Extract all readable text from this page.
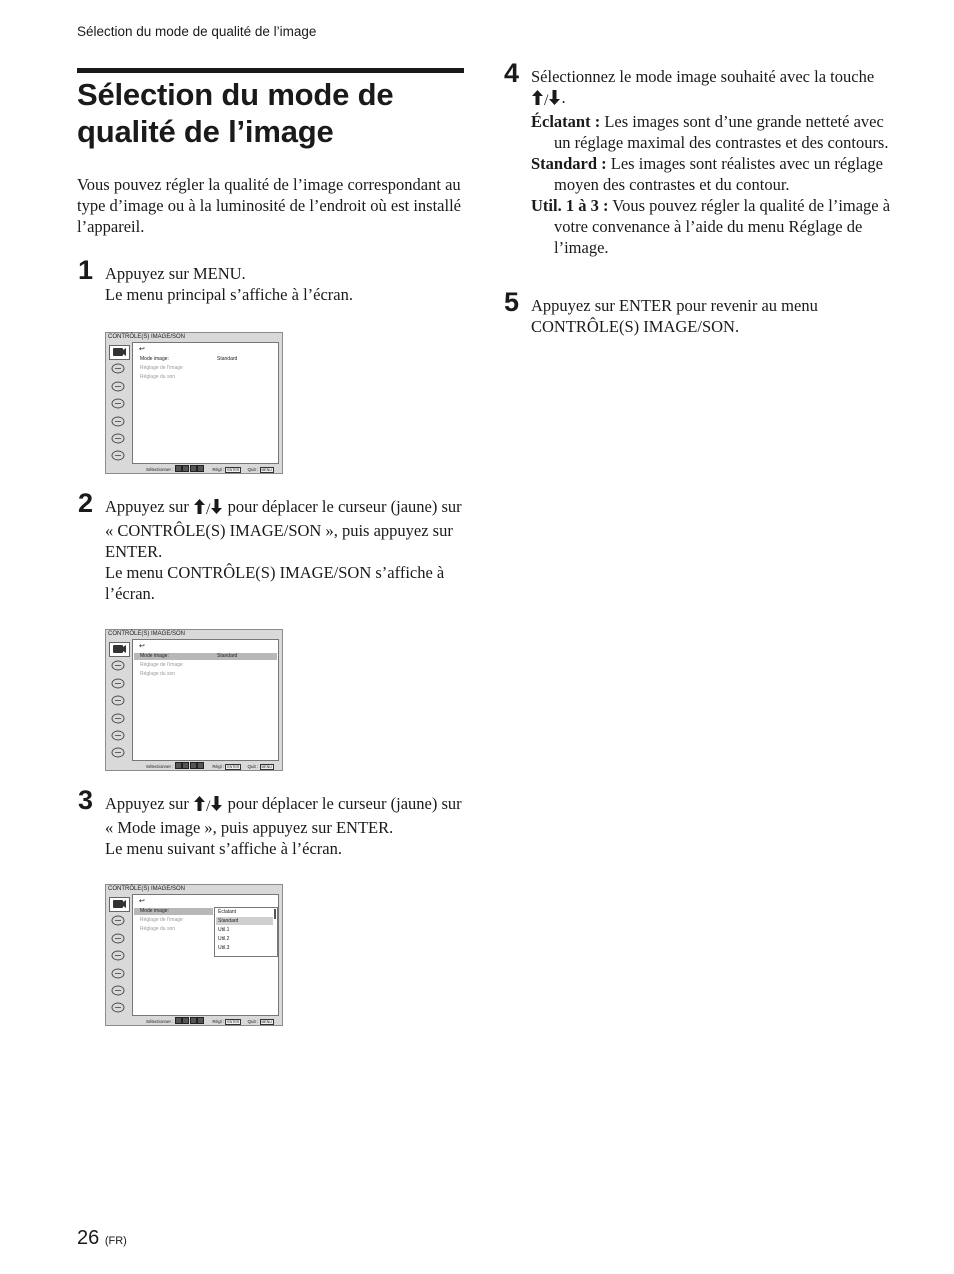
Sélection du mode de qualité de l’image
Sélection du mode de qualité de l’image
Vous pouvez régler la qualité de l’image correspondant au type d’image ou à la luminosité de l’endroit où est installé l’appareil.
1 Appuyez sur MENU.

Le menu principal s’affiche à l’écran.

CONTRÔLE(S) IMAGE/SON
↩
Mode image:	Standard
Réglage de l’image
Réglage du son
Sélectionner :	Régl : ENTER Quit : MENU
2 Appuyez sur / pour déplacer le curseur (jaune) sur « CONTRÔLE(S) IMAGE/SON », puis appuyez sur ENTER.

Le menu CONTRÔLE(S) IMAGE/SON s’affiche à l’écran.

CONTRÔLE(S) IMAGE/SON
↩
Mode image:	Standard
Réglage de l’image
Réglage du son
Sélectionner :	Régl : ENTER Quit : MENU
3 Appuyez sur / pour déplacer le curseur (jaune) sur « Mode image », puis appuyez sur ENTER.

Le menu suivant s’affiche à l’écran.

CONTRÔLE(S) IMAGE/SON
↩
Mode image:
Réglage de l’image
Réglage du son
Éclatant
Standard
Util.1
Util.2
Util.3
Sélectionner :	Régl : ENTER Quit : MENU
4 Sélectionnez le mode image souhaité avec la touche / .

Éclatant : Les images sont d’une grande netteté avec un réglage maximal des contrastes et des contours.

Standard : Les images sont réalistes avec un réglage moyen des contrastes et du contour.

Util. 1 à 3 : Vous pouvez régler la qualité de l’image à votre convenance à l’aide du menu Réglage de l’image.

5 Appuyez sur ENTER pour revenir au menu CONTRÔLE(S) IMAGE/SON.
26 (FR)
